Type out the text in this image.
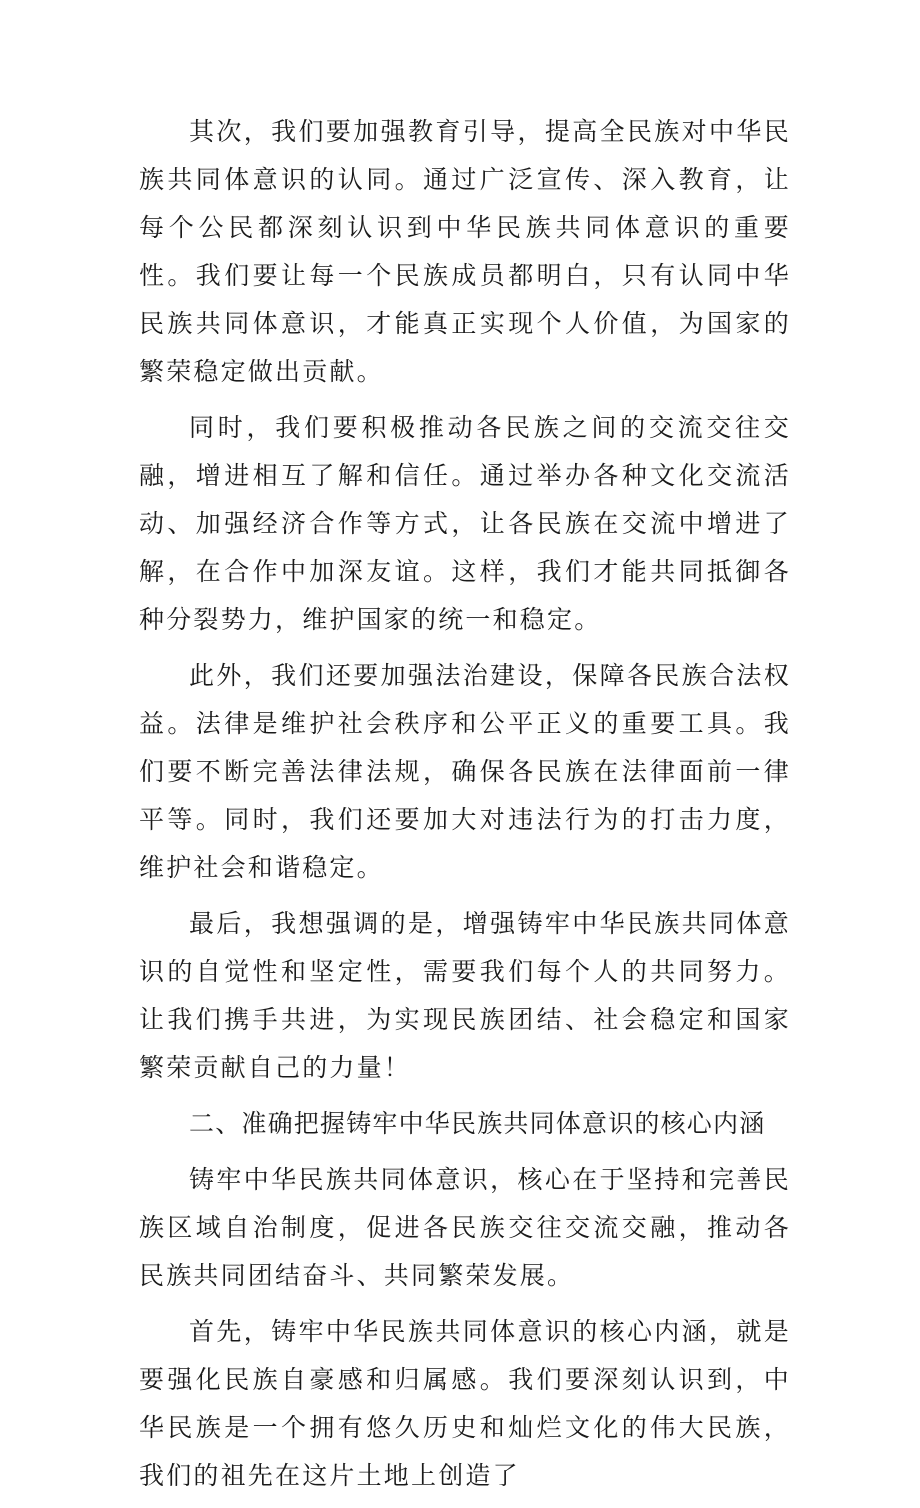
其次，我们要加强教育引导，提高全民族对中华民族共同体意识的认同。通过广泛宣传、深入教育，让每个公民都深刻认识到中华民族共同体意识的重要性。我们要让每一个民族成员都明白，只有认同中华民族共同体意识，才能真正实现个人价值，为国家的繁荣稳定做出贡献。

同时，我们要积极推动各民族之间的交流交往交融，增进相互了解和信任。通过举办各种文化交流活动、加强经济合作等方式，让各民族在交流中增进了解，在合作中加深友谊。这样，我们才能共同抵御各种分裂势力，维护国家的统一和稳定。

此外，我们还要加强法治建设，保障各民族合法权益。法律是维护社会秩序和公平正义的重要工具。我们要不断完善法律法规，确保各民族在法律面前一律平等。同时，我们还要加大对违法行为的打击力度，维护社会和谐稳定。

最后，我想强调的是，增强铸牢中华民族共同体意识的自觉性和坚定性，需要我们每个人的共同努力。让我们携手共进，为实现民族团结、社会稳定和国家繁荣贡献自己的力量！

二、准确把握铸牢中华民族共同体意识的核心内涵

铸牢中华民族共同体意识，核心在于坚持和完善民族区域自治制度，促进各民族交往交流交融，推动各民族共同团结奋斗、共同繁荣发展。

首先，铸牢中华民族共同体意识的核心内涵，就是要强化民族自豪感和归属感。我们要深刻认识到，中华民族是一个拥有悠久历史和灿烂文化的伟大民族，我们的祖先在这片土地上创造了
